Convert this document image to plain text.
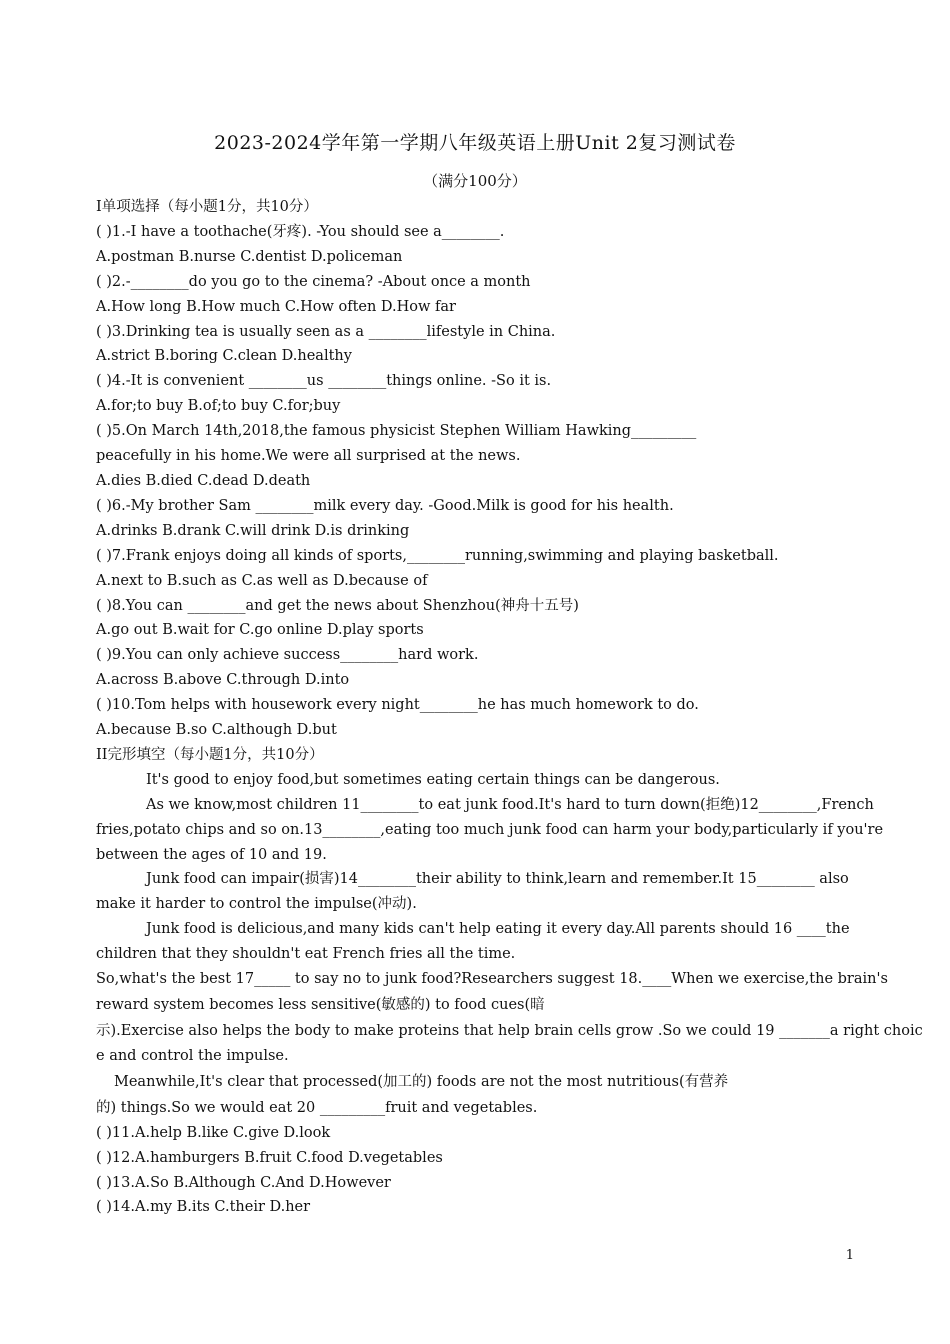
2023-2024学年第一学期八年级英语上册Unit 2复习测试卷
（满分100分）
I单项选择（每小题1分，共10分）
( )1.-I have a toothache(牙疼). -You should see a________.
A.postman B.nurse C.dentist D.policeman
( )2.-________do you go to the cinema? -About once a month
A.How long B.How much C.How often D.How far
( )3.Drinking tea is usually seen as a ________lifestyle in China.
A.strict B.boring C.clean D.healthy
( )4.-It is convenient ________us ________things online. -So it is.
A.for;to buy B.of;to buy C.for;buy
( )5.On March 14th,2018,the famous physicist Stephen William Hawking_________
peacefully in his home.We were all surprised at the news.
A.dies B.died C.dead D.death
( )6.-My brother Sam ________milk every day. -Good.Milk is good for his health.
A.drinks B.drank C.will drink D.is drinking
( )7.Frank enjoys doing all kinds of sports,________running,swimming and playing basketball.
A.next to B.such as C.as well as D.because of
( )8.You can ________and get the news about Shenzhou(神舟十五号)
A.go out B.wait for C.go online D.play sports
( )9.You can only achieve success________hard work.
A.across B.above C.through D.into
( )10.Tom helps with housework every night________he has much homework to do.
A.because B.so C.although D.but
II完形填空（每小题1分，共10分）
It's good to enjoy food,but sometimes eating certain things can be dangerous.
As we know,most children 11________to eat junk food.It's hard to turn down(拒绝)12________,French
fries,potato chips and so on.13________,eating too much junk food can harm your body,particularly if you're
between the ages of 10 and 19.
Junk food can impair(损害)14________their ability to think,learn and remember.It 15________ also
make it harder to control the impulse(冲动).
Junk food is delicious,and many kids can't help eating it every day.All parents should 16 ____the
children that they shouldn't eat French fries all the time.
So,what's the best 17_____ to say no to junk food?Researchers suggest 18.____When we exercise,the brain's
reward system becomes less sensitive(敏感的) to food cues(暗
示).Exercise also helps the body to make proteins that help brain cells grow .So we could 19 _______a right choic
e and control the impulse.
Meanwhile,It's clear that processed(加工的) foods are not the most nutritious(有营养
的) things.So we would eat 20 _________fruit and vegetables.
( )11.A.help B.like C.give D.look
( )12.A.hamburgers B.fruit C.food D.vegetables
( )13.A.So B.Although C.And D.However
( )14.A.my B.its C.their D.her
1
